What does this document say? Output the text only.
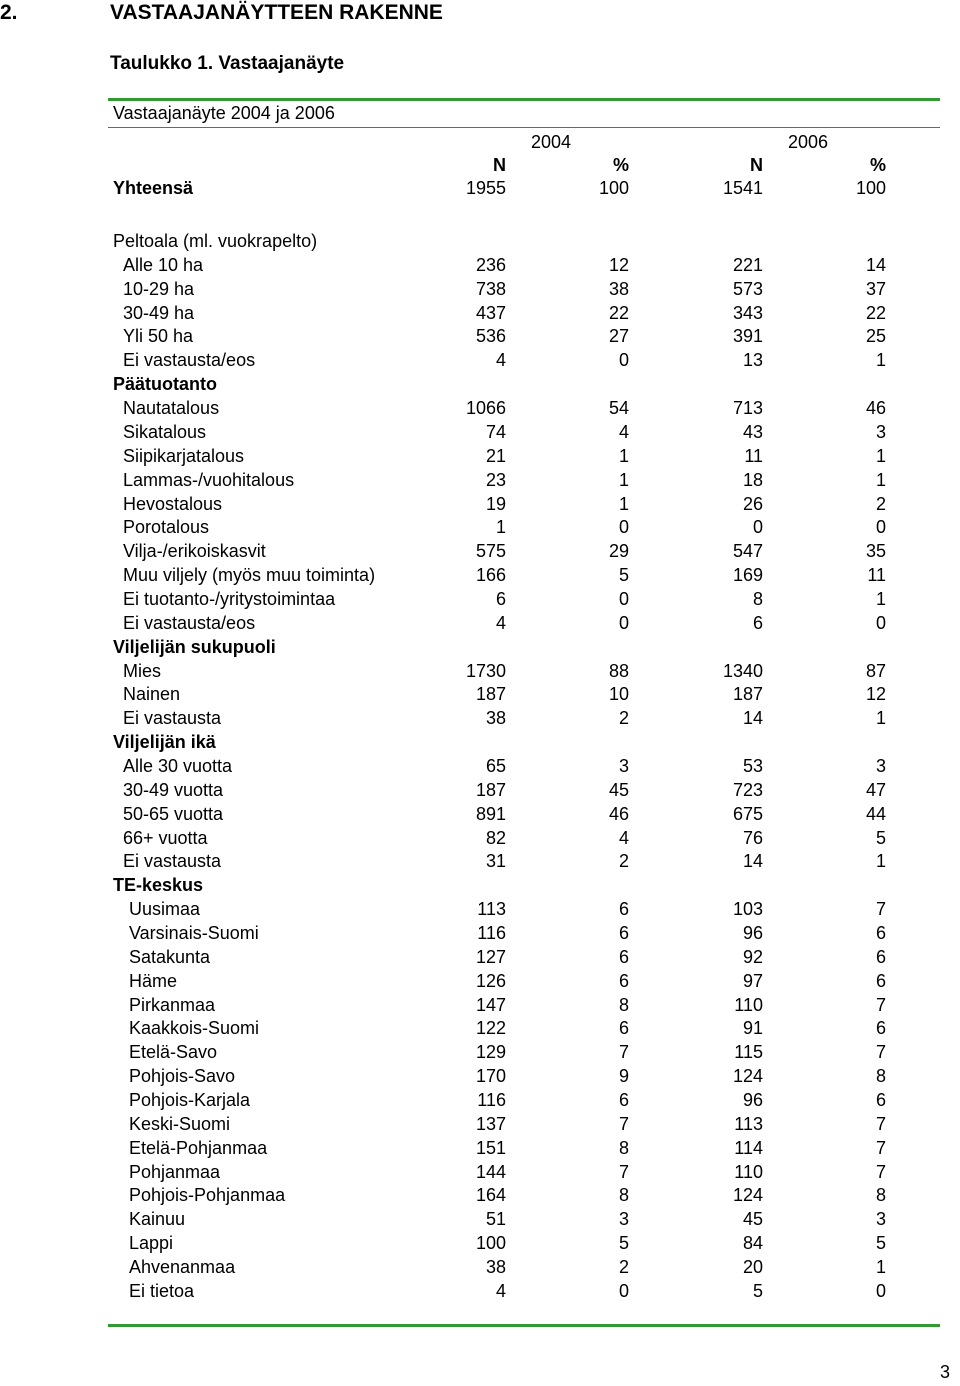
2.	VASTAAJANÄYTTEEN RAKENNE
Taulukko 1. Vastaajanäyte
Vastaajanäyte 2004 ja 2006
2004	2006
N	%	N	%
Yhteensä	1955	100	1541	100
Peltoala (ml. vuokrapelto)
Alle 10 ha	236	12	221	14
10-29 ha	738	38	573	37
30-49 ha	437	22	343	22
Yli 50 ha	536	27	391	25
Ei vastausta/eos	4	0	13	1
Päätuotanto
Nautatalous	1066	54	713	46
Sikatalous	74	4	43	3
Siipikarjatalous	21	1	11	1
Lammas-/vuohitalous	23	1	18	1
Hevostalous	19	1	26	2
Porotalous	1	0	0	0
Vilja-/erikoiskasvit	575	29	547	35
Muu viljely (myös muu toiminta)	166	5	169	11
Ei tuotanto-/yritystoimintaa	6	0	8	1
Ei vastausta/eos	4	0	6	0
Viljelijän sukupuoli
Mies	1730	88	1340	87
Nainen	187	10	187	12
Ei vastausta	38	2	14	1
Viljelijän ikä
Alle 30 vuotta	65	3	53	3
30-49 vuotta	187	45	723	47
50-65 vuotta	891	46	675	44
66+ vuotta	82	4	76	5
Ei vastausta	31	2	14	1
TE-keskus
Uusimaa	113	6	103	7
Varsinais-Suomi	116	6	96	6
Satakunta	127	6	92	6
Häme	126	6	97	6
Pirkanmaa	147	8	110	7
Kaakkois-Suomi	122	6	91	6
Etelä-Savo	129	7	115	7
Pohjois-Savo	170	9	124	8
Pohjois-Karjala	116	6	96	6
Keski-Suomi	137	7	113	7
Etelä-Pohjanmaa	151	8	114	7
Pohjanmaa	144	7	110	7
Pohjois-Pohjanmaa	164	8	124	8
Kainuu	51	3	45	3
Lappi	100	5	84	5
Ahvenanmaa	38	2	20	1
Ei tietoa	4	0	5	0
3
